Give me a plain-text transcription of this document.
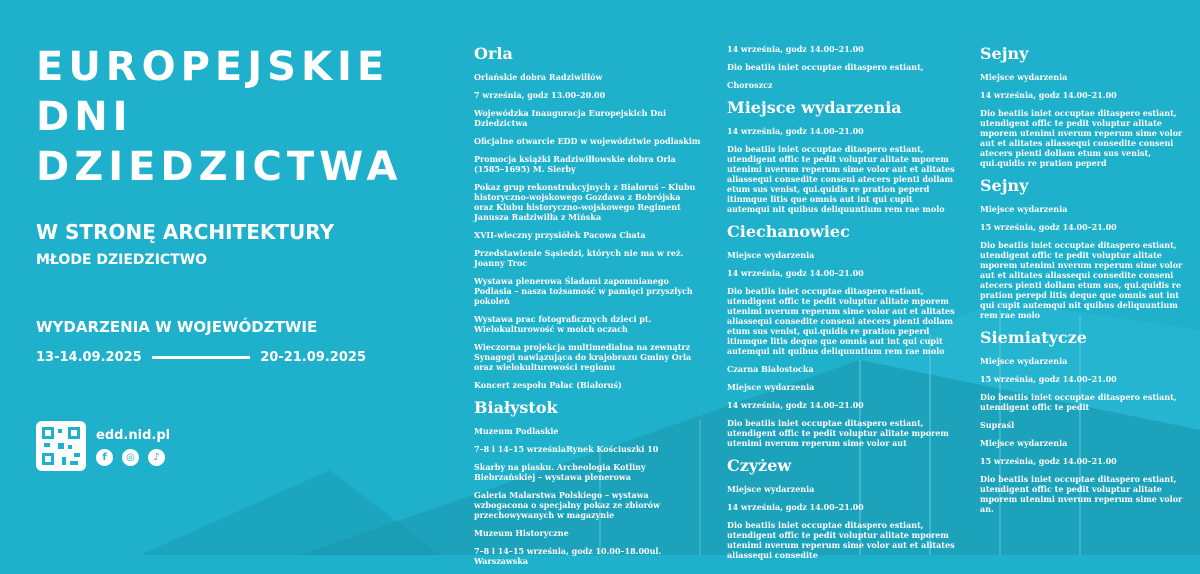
EUROPEJSKIE

DNI

DZIEDZICTWA

W STRONĘ ARCHITEKTURY
MŁODE DZIEDZICTWO
WYDARZENIA W WOJEWÓDZTWIE
13-14.09.2025	20-21.09.2025
edd.nid.pl
f	◎	♪
Orla
Orlańskie dobra Radziwiłłów
7 września, godz 13.00–20.00
Wojewódzka Inauguracja Europejskich Dni Dziedzictwa
Oficjalne otwarcie EDD w województwie podlaskim
Promocja książki Radziwiłłowskie dobra Orla (1585–1695) M. Sierby
Pokaz grup rekonstrukcyjnych z Białoruś – Klubu historyczno-wojskowego Gozdawa z Bobrójska oraz Klubu historyczno-wojskowego Regiment Janusza Radziwiłła z Mińska
XVII-wieczny przysiółek Pacowa Chata
Przedstawienie Sąsiedzi, których nie ma w reż. Joanny Troc
Wystawa plenerowa Śladami zapomnianego Podlasia – nasza tożsamość w pamięci przyszłych pokoleń
Wystawa prac fotograficznych dzieci pt. Wielokulturowość w moich oczach
Wieczorna projekcja multimedialna na zewnątrz Synagogi nawiązująca do krajobrazu Gminy Orla oraz wielokulturowości regionu
Koncert zespołu Pałac (Białoruś)
Białystok
Muzeum Podlaskie
7–8 i 14–15 wrześniaRynek Kościuszki 10
Skarby na piasku. Archeologia Kotliny Biebrzańskiej – wystawa plenerowa
Galeria Malarstwa Polskiego – wystawa wzbogacona o specjalny pokaz ze zbiorów przechowywanych w magazynie
Muzeum Historyczne
7–8 i 14–15 września, godz 10.00–18.00ul. Warszawska
14 września, godz 14.00–21.00
Dio beatiis iniet occuptae ditaspero estiant,
Choroszcz
Miejsce wydarzenia
14 września, godz 14.00–21.00
Dio beatiis iniet occuptae ditaspero estiant, utendigent offic te pedit voluptur alitate mporem utenimi nverum reperum sime volor aut et alitates aliassequi consedite conseni atecers pienti dollam etum sus venist, qui.quidis re pration peperd itinmque litis que omnis aut int qui cupit autemqui nit quibus deliquuntium rem rae molo
Ciechanowiec
Miejsce wydarzenia
14 września, godz 14.00–21.00
Dio beatiis iniet occuptae ditaspero estiant, utendigent offic te pedit voluptur alitate mporem utenimi nverum reperum sime volor aut et alitates aliassequi consedite conseni atecers pienti dollam etum sus venist, qui.quidis re pration peperd itinmque litis deque que omnis aut int qui cupit autemqui nit quibus deliquuntium rem rae molo
Czarna Białostocka
Miejsce wydarzenia
14 września, godz 14.00–21.00
Dio beatiis iniet occuptae ditaspero estiant, utendigent offic te pedit voluptur alitate mporem utenimi nverum reperum sime volor aut
Czyżew
Miejsce wydarzenia
14 września, godz 14.00–21.00
Dio beatiis iniet occuptae ditaspero estiant, utendigent offic te pedit voluptur alitate mporem utenimi nverum reperum sime volor aut et alitates aliassequi consedite
Sejny
Miejsce wydarzenia
14 września, godz 14.00–21.00
Dio beatiis iniet occuptae ditaspero estiant, utendigent offic te pedit voluptur alitate mporem utenimi nverum reperum sime volor aut et alitates aliassequi consedite conseni atecers pienti dollam etum sus venist, qui.quidis re pration peperd
Sejny
Miejsce wydarzenia
15 września, godz 14.00–21.00
Dio beatiis iniet occuptae ditaspero estiant, utendigent offic te pedit voluptur alitate mporem utenimi nverum reperum sime volor aut et alitates aliassequi consedite conseni atecers pienti dollam etum sus, qui.quidis re pration perepd litis deque que omnis aut int qui cupit autemqui nit quibus deliquuntium rem rae molo
Siemiatycze
Miejsce wydarzenia
15 września, godz 14.00–21.00
Dio beatiis iniet occuptae ditaspero estiant, utendigent offic te pedit
Supraśl
Miejsce wydarzenia
15 września, godz 14.00–21.00
Dio beatiis iniet occuptae ditaspero estiant, utendigent offic te pedit voluptur alitate mporem utenimi nverum reperum sime volor an.
